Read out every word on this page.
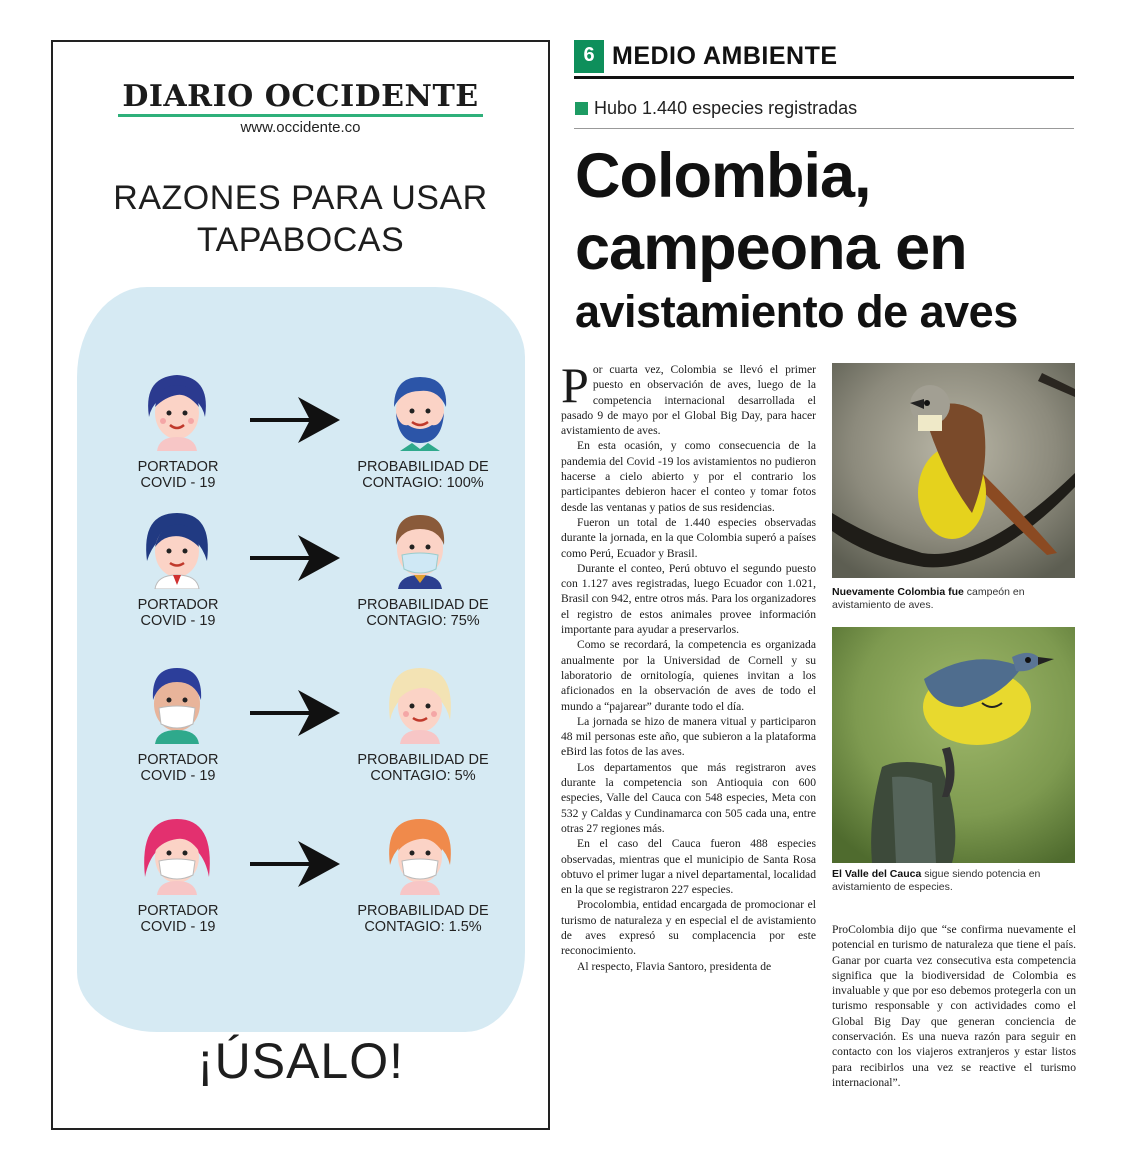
DIARIO OCCIDENTE
www.occidente.co
RAZONES PARA USAR
TAPABOCAS
PORTADOR
COVID - 19
PROBABILIDAD DE
CONTAGIO: 100%
PORTADOR
COVID - 19
PROBABILIDAD DE
CONTAGIO: 75%
PORTADOR
COVID - 19
PROBABILIDAD DE
CONTAGIO: 5%
PORTADOR
COVID - 19
PROBABILIDAD DE
CONTAGIO: 1.5%
¡ÚSALO!
6 MEDIO AMBIENTE
Hubo 1.440 especies registradas
Colombia,
campeona en
avistamiento de aves

Por cuarta vez, Colombia se llevó el primer puesto en observación de aves, luego de la competencia internacional desarrollada el pasado 9 de mayo por el Global Big Day, para hacer avistamiento de aves.

En esta ocasión, y como consecuencia de la pandemia del Covid -19 los avistamientos no pudieron hacerse a cielo abierto y por el contrario los participantes debieron hacer el conteo y tomar fotos desde las ventanas y patios de sus residencias.

Fueron un total de 1.440 especies observadas durante la jornada, en la que Colombia superó a países como Perú, Ecuador y Brasil.

Durante el conteo, Perú obtuvo el segundo puesto con 1.127 aves registradas, luego Ecuador con 1.021, Brasil con 942, entre otros más. Para los organizadores el registro de estos animales provee información importante para ayudar a preservarlos.

Como se recordará, la competencia es organizada anualmente por la Universidad de Cornell y su laboratorio de ornitología, quienes invitan a los aficionados en la observación de aves de todo el mundo a “pajarear” durante todo el día.

La jornada se hizo de manera vitual y participaron 48 mil personas este año, que subieron a la plataforma eBird las fotos de las aves.

Los departamentos que más registraron aves durante la competencia son Antioquia con 600 especies, Valle del Cauca con 548 especies, Meta con 532 y Caldas y Cundinamarca con 505 cada una, entre otras 27 regiones más.

En el caso del Cauca fueron 488 especies observadas, mientras que el municipio de Santa Rosa obtuvo el primer lugar a nivel departamental, localidad en la que se registraron 227 especies.

Procolombia, entidad encargada de promocionar el turismo de naturaleza y en especial el de avistamiento de aves expresó su complacencia por este reconocimiento.

Al respecto, Flavia Santoro, presidenta de

Nuevamente Colombia fue campeón en avistamiento de aves.
El Valle del Cauca sigue siendo potencia en avistamiento de especies.

ProColombia dijo que “se confirma nuevamente el potencial en turismo de naturaleza que tiene el país. Ganar por cuarta vez consecutiva esta competencia significa que la biodiversidad de Colombia es invaluable y que por eso debemos protegerla con un turismo responsable y con actividades como el Global Big Day que generan conciencia de conservación. Es una nueva razón para seguir en contacto con los viajeros extranjeros y estar listos para recibirlos una vez se reactive el turismo internacional”.
